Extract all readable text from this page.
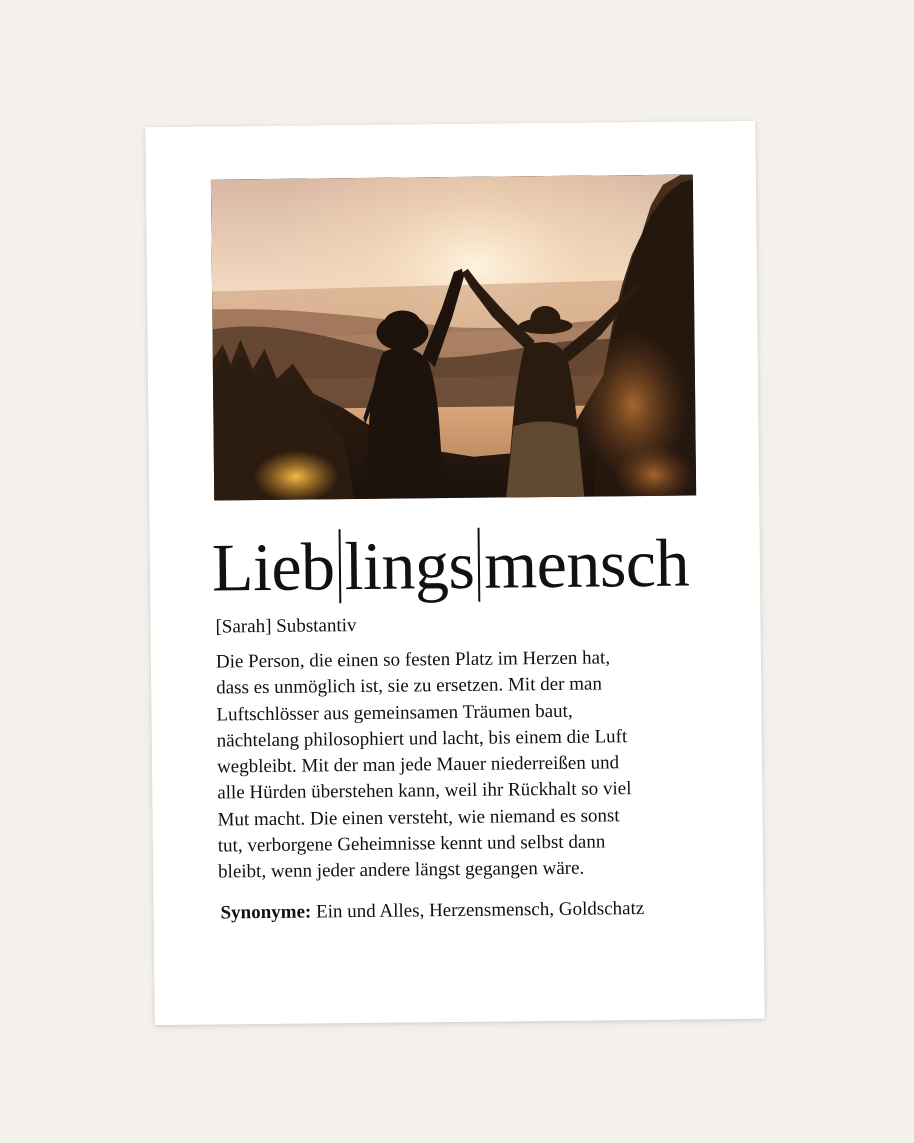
Lieb lings mensch
[Sarah] Substantiv
Die Person, die einen so festen Platz im Herzen hat,
dass es unmöglich ist, sie zu ersetzen. Mit der man
Luftschlösser aus gemeinsamen Träumen baut,
nächtelang philosophiert und lacht, bis einem die Luft
wegbleibt. Mit der man jede Mauer niederreißen und
alle Hürden überstehen kann, weil ihr Rückhalt so viel
Mut macht. Die einen versteht, wie niemand es sonst
tut, verborgene Geheimnisse kennt und selbst dann
bleibt, wenn jeder andere längst gegangen wäre.
Synonyme: Ein und Alles, Herzensmensch, Goldschatz
